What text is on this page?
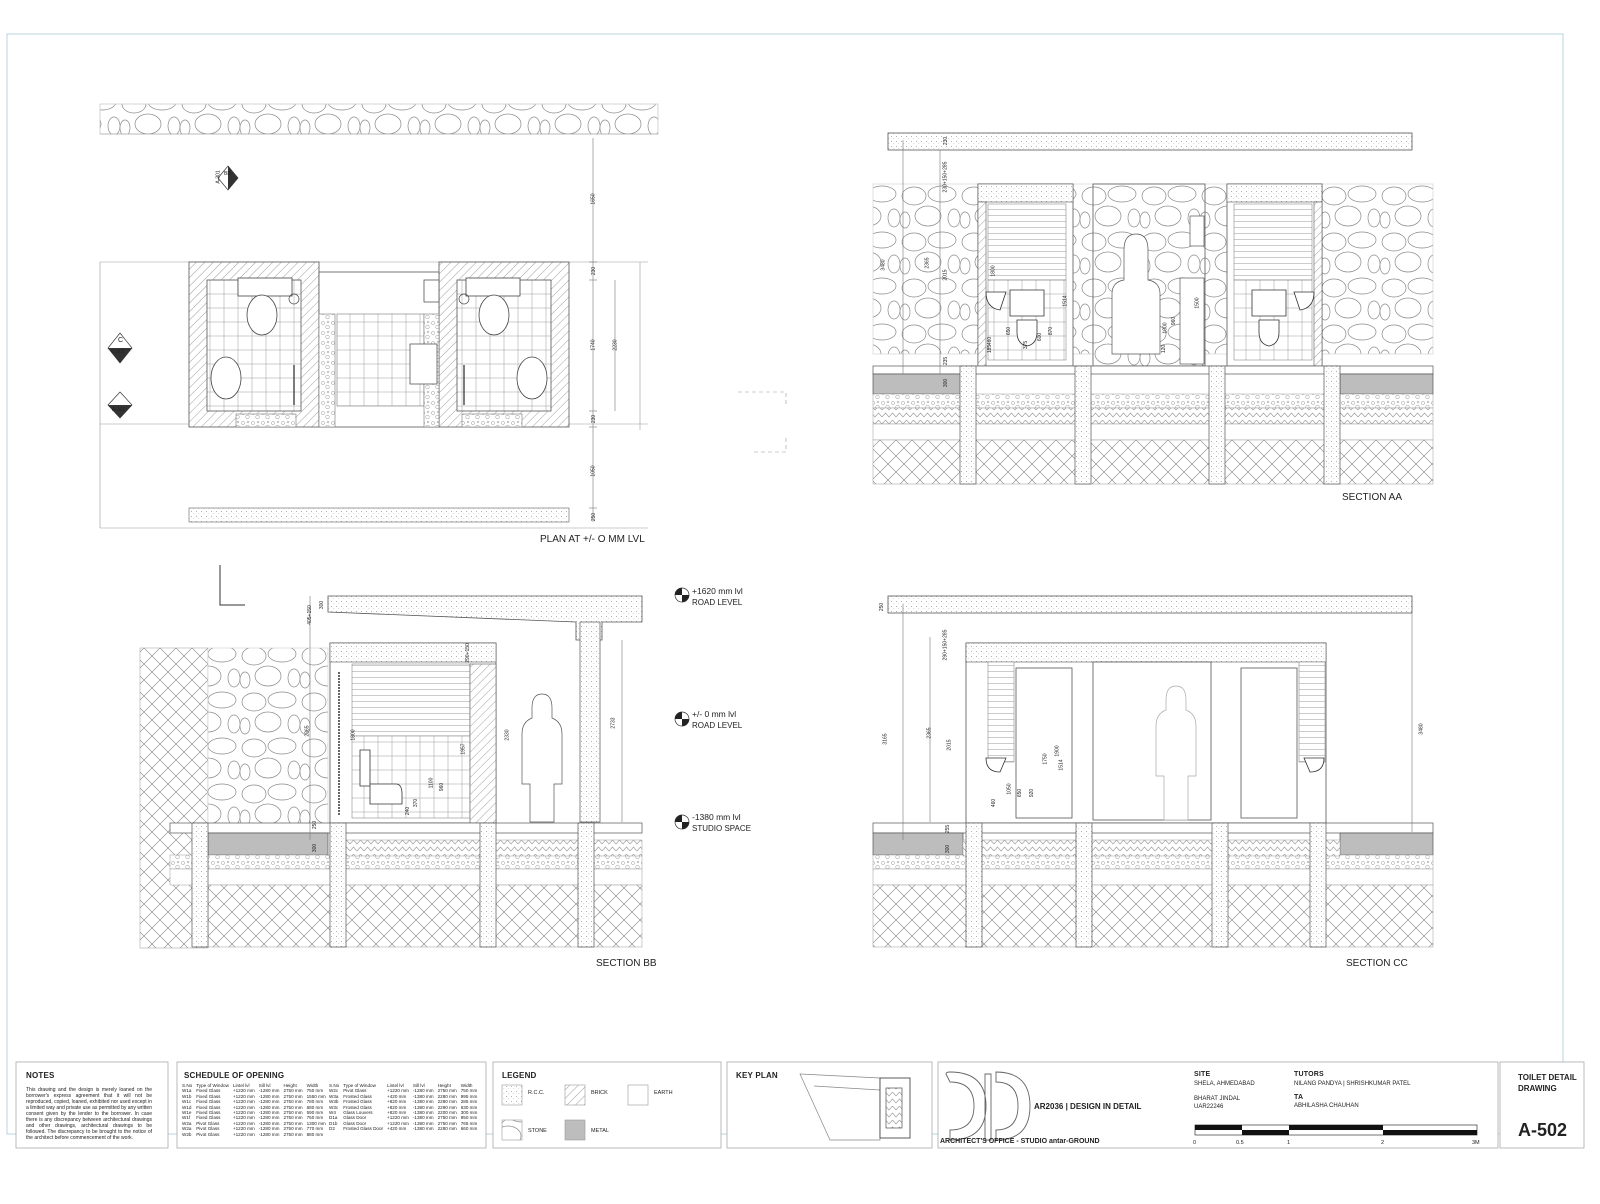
PLAN AT +/- O MM LVL
SECTION AA
SECTION BB	SECTION CC
BB
A-301
C
C-301
A
A-301
+1620 mm lvl
ROAD LEVEL
+/- 0 mm lvl
ROAD LEVEL
-1380 mm lvl
STUDIO SPACE
1650
230
1740	2230
230
1050
250
230
230+150+285
2365
2015
3480
235
300
1800
1514
1000
1500
960
870
600
375
650
460
185	120
300
405+150
290+150
2365	1800
1957
2330
2733
1100 960
370
240
250
300
250
290+150+285
3165
2365
2015
1900
1750
1514
650 920
1050
460
255
300
3480
NOTES
This drawing and the design is merely loaned on the borrower's express agreement that it will not be reproduced, copied, loaned, exhibited nor used except in a limited way and private use as permitted by any written consent given by the lender to the borrower. In case there is any discrepancy between architectural drawings and other drawings, architectural drawings to be followed. The discrepancy to be brought to the notice of the architect before commencement of the work.
SCHEDULE OF OPENING
S.No	Type of Window	Lintel lvl	Sill lvl	Height	Width
W1a	Fixed Glass	+1220 mm	-1280 mm	2750 mm	750 mm
W1b	Fixed Glass	+1220 mm	-1280 mm	2750 mm	1550 mm
W1c	Fixed Glass	+1220 mm	-1280 mm	2750 mm	780 mm
W1d	Fixed Glass	+1220 mm	-1280 mm	2750 mm	680 mm
W1e	Fixed Glass	+1220 mm	-1280 mm	2750 mm	590 mm
W1f	Fixed Glass	+1220 mm	-1280 mm	2750 mm	750 mm
W2a	Pivot Glass	+1220 mm	-1280 mm	2750 mm	1300 mm
W2a	Pivot Glass	+1220 mm	-1280 mm	2750 mm	770 mm
W2b	Pivot Glass	+1220 mm	-1280 mm	2750 mm	880 mm
S.No	Type of Window	Lintel lvl	Sill lvl	Height	Width
W2c	Pivot Glass	+1220 mm	-1280 mm	2750 mm	750 mm
W3a	Frosted Glass	+420 mm	-1380 mm	2280 mm	995 mm
W3b	Frosted Glass	+820 mm	-1380 mm	2280 mm	285 mm
W3c	Frosted Glass	+820 mm	-1380 mm	2290 mm	630 mm
W4	Glass Louvers	+820 mm	-1380 mm	2200 mm	300 mm
D1a	Glass Door	+1220 mm	-1380 mm	2750 mm	950 mm
D1b	Glass Door	+1220 mm	-1380 mm	2750 mm	765 mm
D2	Frosted Glass Door	+420 mm	-1380 mm	2280 mm	660 mm
LEGEND
R.C.C.	BRICK	EARTH
STONE	METAL
KEY PLAN
AR2036 | DESIGN IN DETAIL
ARCHITECT'S OFFICE - STUDIO antar-GROUND
SITE
SHELA, AHMEDABAD
BHARAT JINDAL
UAR22246
TUTORS
NILANG PANDYA | SHRISHKUMAR PATEL
TA
ABHILASHA CHAUHAN
0	0.5	1	2	3M
TOILET DETAIL DRAWING
A-502
